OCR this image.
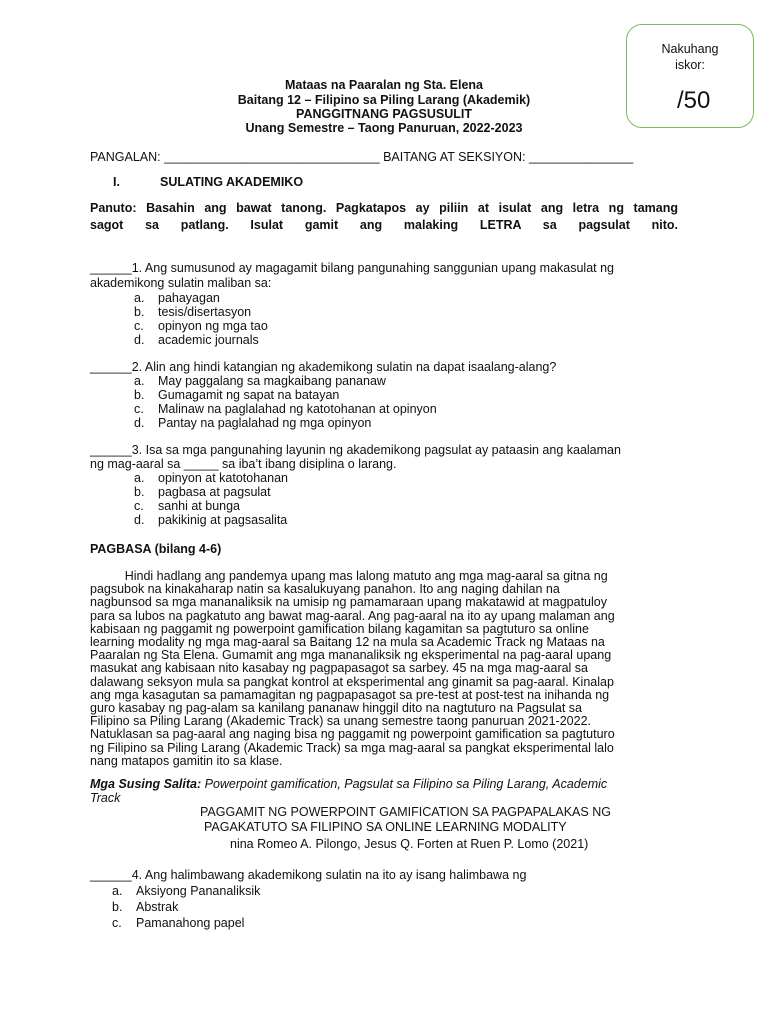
Nakuhang
iskor:
/50
Mataas na Paaralan ng Sta. Elena
Baitang 12 – Filipino sa Piling Larang (Akademik)
PANGGITNANG PAGSUSULIT
Unang Semestre – Taong Panuruan, 2022-2023
PANGALAN: _______________________________ BAITANG AT SEKSIYON: _______________
I.	SULATING AKADEMIKO
Panuto: Basahin ang bawat tanong. Pagkatapos ay piliin at isulat ang letra ng tamang
sagot sa patlang. Isulat gamit ang malaking LETRA sa pagsulat nito.
______1. Ang sumusunod ay magagamit bilang pangunahing sanggunian upang makasulat ng
akademikong sulatin maliban sa:
a. pahayagan
b. tesis/disertasyon
c. opinyon ng mga tao
d. academic journals
______2. Alin ang hindi katangian ng akademikong sulatin na dapat isaalang-alang?
a. May paggalang sa magkaibang pananaw
b. Gumagamit ng sapat na batayan
c. Malinaw na paglalahad ng katotohanan at opinyon
d. Pantay na paglalahad ng mga opinyon
______3. Isa sa mga pangunahing layunin ng akademikong pagsulat ay pataasin ang kaalaman
ng mag-aaral sa _____ sa iba’t ibang disiplina o larang.
a. opinyon at katotohanan
b. pagbasa at pagsulat
c. sanhi at bunga
d. pakikinig at pagsasalita
PAGBASA (bilang 4-6)

Hindi hadlang ang pandemya upang mas lalong matuto ang mga mag-aaral sa gitna ng

pagsubok na kinakaharap natin sa kasalukuyang panahon. Ito ang naging dahilan na

nagbunsod sa mga mananaliksik na umisip ng pamamaraan upang makatawid at magpatuloy

para sa lubos na pagkatuto ang bawat mag-aaral. Ang pag-aaral na ito ay upang malaman ang

kabisaan ng paggamit ng powerpoint gamification bilang kagamitan sa pagtuturo sa online

learning modality ng mga mag-aaral sa Baitang 12 na mula sa Academic Track ng Mataas na

Paaralan ng Sta Elena. Gumamit ang mga mananaliksik ng eksperimental na pag-aaral upang

masukat ang kabisaan nito kasabay ng pagpapasagot sa sarbey. 45 na mga mag-aaral sa

dalawang seksyon mula sa pangkat kontrol at eksperimental ang ginamit sa pag-aaral. Kinalap

ang mga kasagutan sa pamamagitan ng pagpapasagot sa pre-test at post-test na inihanda ng

guro kasabay ng pag-alam sa kanilang pananaw hinggil dito na nagtuturo na Pagsulat sa

Filipino sa Piling Larang (Akademic Track) sa unang semestre taong panuruan 2021-2022.

Natuklasan sa pag-aaral ang naging bisa ng paggamit ng powerpoint gamification sa pagtuturo

ng Filipino sa Piling Larang (Akademic Track) sa mga mag-aaral sa pangkat eksperimental lalo

nang matapos gamitin ito sa klase.

Mga Susing Salita: Powerpoint gamification, Pagsulat sa Filipino sa Piling Larang, Academic
Track
PAGGAMIT NG POWERPOINT GAMIFICATION SA PAGPAPALAKAS NG
PAGAKATUTO SA FILIPINO SA ONLINE LEARNING MODALITY
nina Romeo A. Pilongo, Jesus Q. Forten at Ruen P. Lomo (2021)
______4. Ang halimbawang akademikong sulatin na ito ay isang halimbawa ng
a. Aksiyong Pananaliksik
b. Abstrak
c. Pamanahong papel
